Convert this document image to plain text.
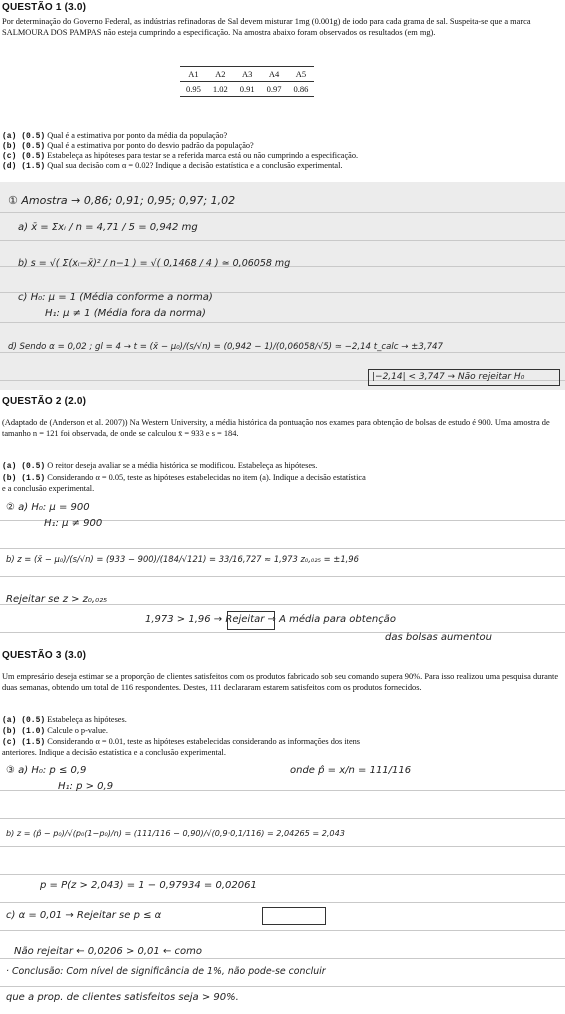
QUESTÃO 1 (3.0)
Por determinação do Governo Federal, as indústrias refinadoras de Sal devem misturar 1mg (0.001g) de iodo para cada grama de sal. Suspeita-se que a marca SALMOURA DOS PAMPAS não esteja cumprindo a especificação. Na amostra abaixo foram observados os resultados (em mg).
A1	A2	A3	A4	A5
0.95	1.02	0.91	0.97	0.86
(a) (0.5) Qual é a estimativa por ponto da média da população?
(b) (0.5) Qual é a estimativa por ponto do desvio padrão da população?
(c) (0.5) Estabeleça as hipóteses para testar se a referida marca está ou não cumprindo a especificação.
(d) (1.5) Qual sua decisão com α = 0.02? Indique a decisão estatística e a conclusão experimental.
① Amostra → 0,86; 0,91; 0,95; 0,97; 1,02
a) x̄ = Σxᵢ / n = 4,71 / 5 = 0,942 mg
b) s = √( Σ(xᵢ−x̄)² / n−1 ) = √( 0,1468 / 4 ) ≃ 0,06058 mg
c) H₀: μ = 1 (Média conforme a norma)
H₁: μ ≠ 1 (Média fora da norma)
d) Sendo α = 0,02 ; gl = 4 → t = (x̄ − μ₀)/(s/√n) = (0,942 − 1)/(0,06058/√5) ≃ −2,14 t_calc → ±3,747
|−2,14| < 3,747 → Não rejeitar H₀
QUESTÃO 2 (2.0)
(Adaptado de (Anderson et al. 2007)) Na Western University, a média histórica da pontuação nos exames para obtenção de bolsas de estudo é 900. Uma amostra de tamanho n = 121 foi observada, de onde se calculou x̄ = 933 e s = 184.
(a) (0.5) O reitor deseja avaliar se a média histórica se modificou. Estabeleça as hipóteses.
(b) (1.5) Considerando α = 0.05, teste as hipóteses estabelecidas no item (a). Indique a decisão estatística
e a conclusão experimental.
② a) H₀: μ = 900
H₁: μ ≠ 900
b) z = (x̄ − μ₀)/(s/√n) = (933 − 900)/(184/√121) = 33/16,727 ≈ 1,973 z₀,₀₂₅ = ±1,96
Rejeitar se z > z₀,₀₂₅
1,973 > 1,96 → Rejeitar → A média para obtenção
das bolsas aumentou
QUESTÃO 3 (3.0)
Um empresário deseja estimar se a proporção de clientes satisfeitos com os produtos fabricado sob seu comando supera 90%. Para isso realizou uma pesquisa durante duas semanas, obtendo um total de 116 respondentes. Destes, 111 declararam estarem satisfeitos com os produtos fornecidos.
(a) (0.5) Estabeleça as hipóteses.
(b) (1.0) Calcule o p-value.
(c) (1.5) Considerando α = 0.01, teste as hipóteses estabelecidas considerando as informações dos itens
anteriores. Indique a decisão estatística e a conclusão experimental.
③ a) H₀: p ≤ 0,9
H₁: p > 0,9
onde p̂ = x/n = 111/116
b) z = (p̂ − p₀)/√(p₀(1−p₀)/n) = (111/116 − 0,90)/√(0,9·0,1/116) = 2,04265 = 2,043
p = P(z > 2,043) = 1 − 0,97934 = 0,02061
c) α = 0,01 → Rejeitar se p ≤ α
Não rejeitar ← 0,0206 > 0,01 ← como
· Conclusão: Com nível de significância de 1%, não pode-se concluir
que a prop. de clientes satisfeitos seja > 90%.
